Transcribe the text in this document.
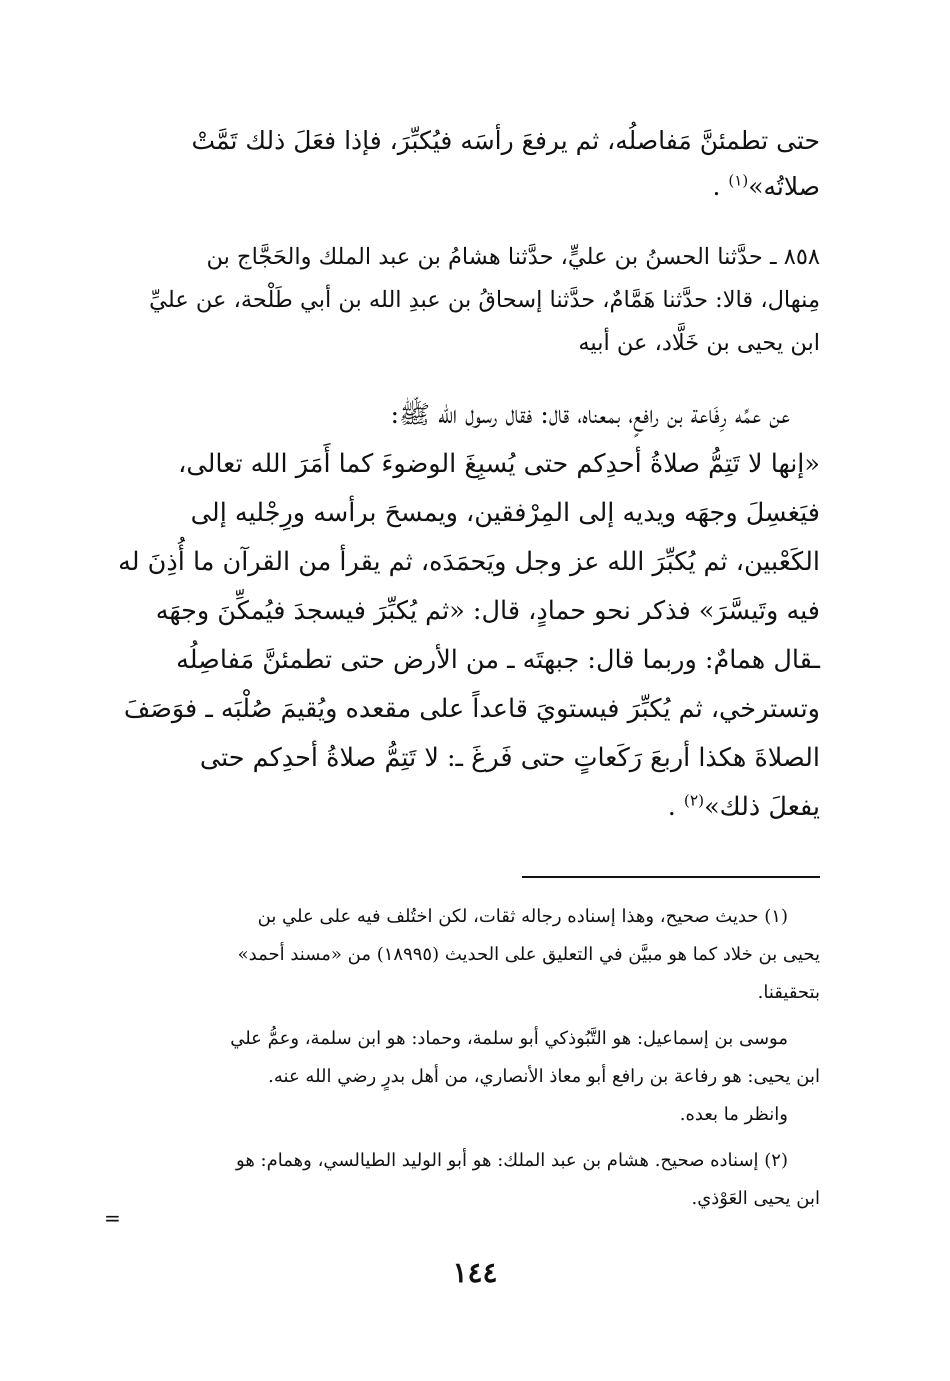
حتى تطمئنَّ مَفاصلُه، ثم يرفعَ رأسَه فيُكبِّرَ، فإذا فعَلَ ذلك تَمَّتْ

صلاتُه»$^{(١)}$ .

٨٥٨ ـ حدَّثنا الحسنُ بن عليٍّ، حدَّثنا هشامُ بن عبد الملك والحَجَّاج بن

مِنهال، قالا: حدَّثنا هَمَّامٌ، حدَّثنا إسحاقُ بن عبدِ الله بن أبي طَلْحة، عن عليِّ

ابن يحيى بن خَلَّاد، عن أبيه

عن عمِّه رِفَاعة بن رافعٍ، بمعناه، قال: فقال رسول الله ﷺ:

«إنها لا تَتِمُّ صلاةُ أحدِكم حتى يُسبِغَ الوضوءَ كما أَمَرَ الله تعالى،

فيَغسِلَ وجهَه ويديه إلى المِرْفقين، ويمسحَ برأسه ورِجْليه إلى

الكَعْبين، ثم يُكبِّرَ الله عز وجل ويَحمَدَه، ثم يقرأ من القرآن ما أُذِنَ له

فيه وتَيسَّرَ» فذكر نحو حمادٍ، قال: «ثم يُكبِّرَ فيسجدَ فيُمكِّنَ وجهَه

ـقال همامٌ: وربما قال: جبهتَه ـ من الأرض حتى تطمئنَّ مَفاصِلُه

وتسترخي، ثم يُكبِّرَ فيستويَ قاعداً على مقعده ويُقيمَ صُلْبَه ـ فوَصَفَ

الصلاةَ هكذا أربعَ رَكَعاتٍ حتى فَرغَ ـ: لا تَتِمُّ صلاةُ أحدِكم حتى

يفعلَ ذلك»$^{(٢)}$ .

(١) حديث صحيح، وهذا إسناده رجاله ثقات، لكن اختُلف فيه على علي بن

يحيى بن خلاد كما هو مبيَّن في التعليق على الحديث (١٨٩٩٥) من «مسند أحمد»

بتحقيقنا.

موسى بن إسماعيل: هو التَّبُوذكي أبو سلمة، وحماد: هو ابن سلمة، وعمُّ علي

ابن يحيى: هو رفاعة بن رافع أبو معاذ الأنصاري، من أهل بدرٍ رضي الله عنه.

وانظر ما بعده.

(٢) إسناده صحيح. هشام بن عبد الملك: هو أبو الوليد الطيالسي، وهمام: هو

ابن يحيى العَوْذي.

=
١٤٤
